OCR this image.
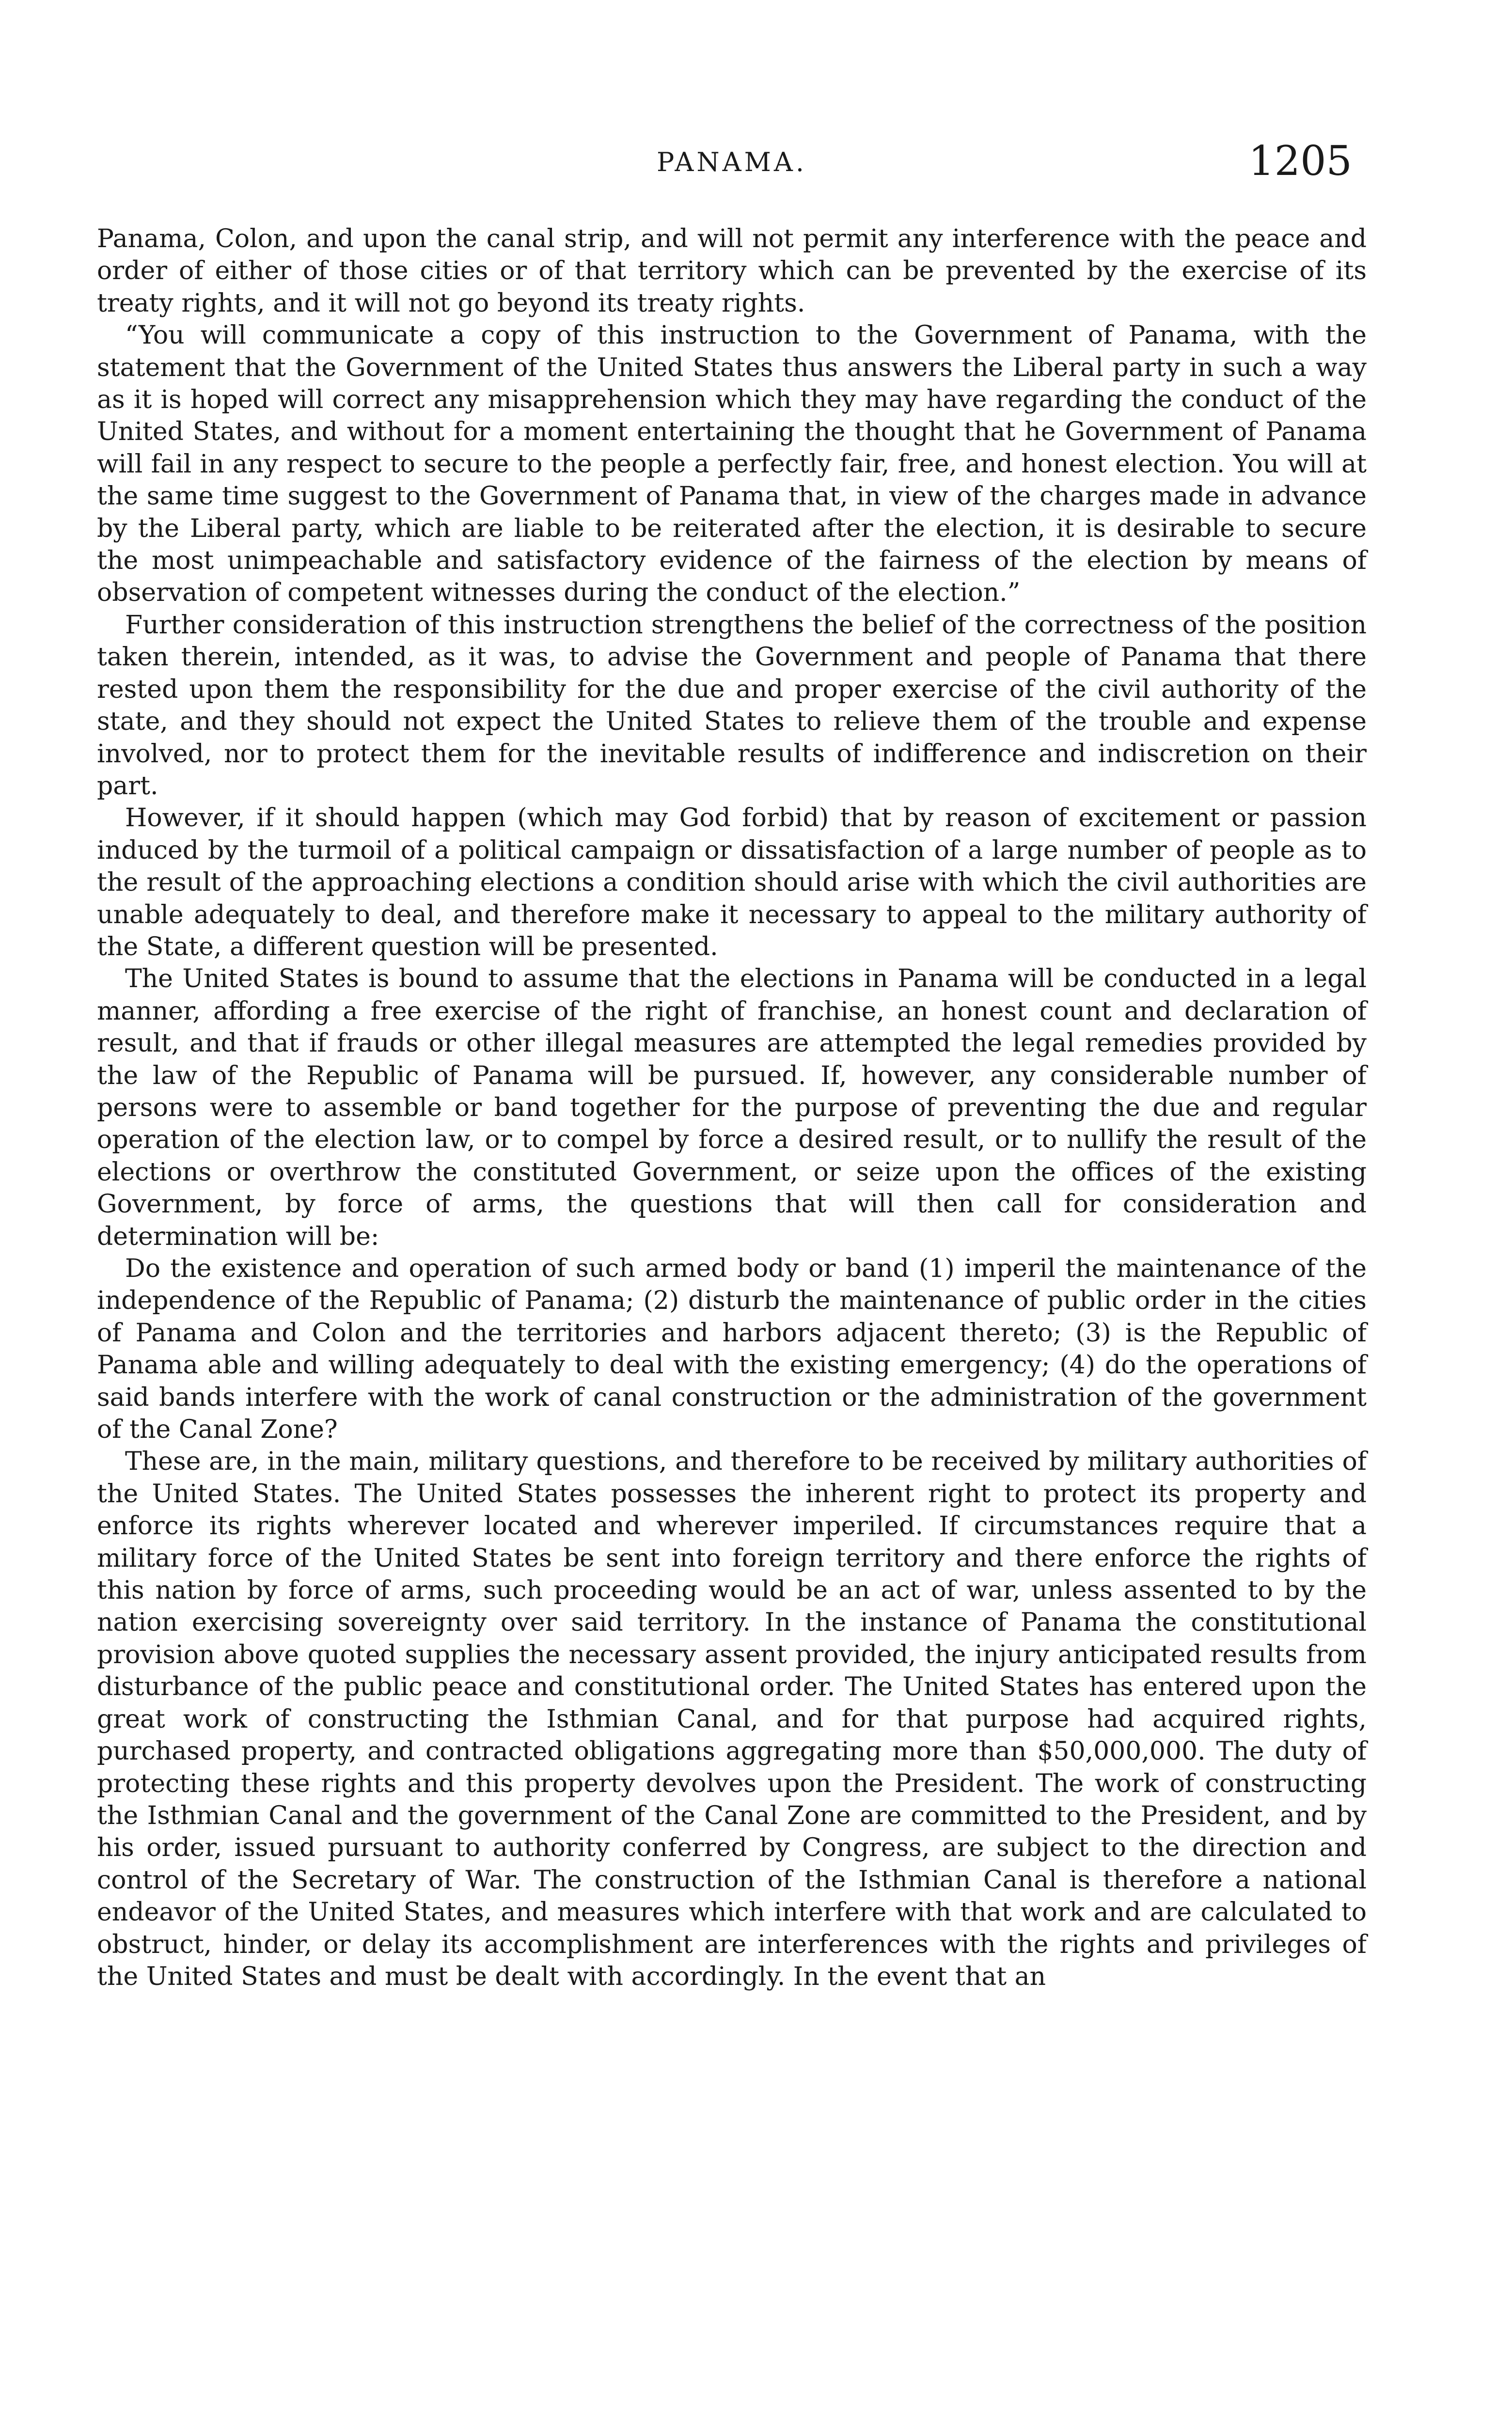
PANAMA.	1205

Panama, Colon, and upon the canal strip, and will not permit any interference with the peace and order of either of those cities or of that territory which can be prevented by the exercise of its treaty rights, and it will not go beyond its treaty rights.

“You will communicate a copy of this instruction to the Government of Panama, with the statement that the Government of the United States thus answers the Liberal party in such a way as it is hoped will correct any misapprehension which they may have regarding the conduct of the United States, and without for a moment entertaining the thought that he Government of Panama will fail in any respect to secure to the people a perfectly fair, free, and honest election. You will at the same time suggest to the Government of Panama that, in view of the charges made in advance by the Liberal party, which are liable to be reiterated after the election, it is desirable to secure the most unimpeachable and satisfactory evidence of the fairness of the election by means of observation of competent witnesses during the conduct of the election.”

Further consideration of this instruction strengthens the belief of the correctness of the position taken therein, intended, as it was, to advise the Government and people of Panama that there rested upon them the responsibility for the due and proper exercise of the civil authority of the state, and they should not expect the United States to relieve them of the trouble and expense involved, nor to protect them for the inevitable results of indifference and indiscretion on their part.

However, if it should happen (which may God forbid) that by reason of excitement or passion induced by the turmoil of a political campaign or dissatisfaction of a large number of people as to the result of the approaching elections a condition should arise with which the civil authorities are unable adequately to deal, and therefore make it necessary to appeal to the military authority of the State, a different question will be presented.

The United States is bound to assume that the elections in Panama will be conducted in a legal manner, affording a free exercise of the right of franchise, an honest count and declaration of result, and that if frauds or other illegal measures are attempted the legal remedies provided by the law of the Republic of Panama will be pursued. If, however, any considerable number of persons were to assemble or band together for the purpose of preventing the due and regular operation of the election law, or to compel by force a desired result, or to nullify the result of the elections or overthrow the constituted Government, or seize upon the offices of the existing Government, by force of arms, the questions that will then call for consideration and determination will be:

Do the existence and operation of such armed body or band (1) imperil the maintenance of the independence of the Republic of Panama; (2) disturb the maintenance of public order in the cities of Panama and Colon and the territories and harbors adjacent thereto; (3) is the Republic of Panama able and willing adequately to deal with the existing emergency; (4) do the operations of said bands interfere with the work of canal construction or the administration of the government of the Canal Zone?

These are, in the main, military questions, and therefore to be received by military authorities of the United States. The United States possesses the inherent right to protect its property and enforce its rights wherever located and wherever imperiled. If circumstances require that a military force of the United States be sent into foreign territory and there enforce the rights of this nation by force of arms, such proceeding would be an act of war, unless assented to by the nation exercising sovereignty over said territory. In the instance of Panama the constitutional provision above quoted supplies the necessary assent provided, the injury anticipated results from disturbance of the public peace and constitutional order. The United States has entered upon the great work of constructing the Isthmian Canal, and for that purpose had acquired rights, purchased property, and contracted obligations aggregating more than $50,000,000. The duty of protecting these rights and this property devolves upon the President. The work of constructing the Isthmian Canal and the government of the Canal Zone are committed to the President, and by his order, issued pursuant to authority conferred by Congress, are subject to the direction and control of the Secretary of War. The construction of the Isthmian Canal is therefore a national endeavor of the United States, and measures which interfere with that work and are calculated to obstruct, hinder, or delay its accomplishment are interferences with the rights and privileges of the United States and must be dealt with accordingly. In the event that an
